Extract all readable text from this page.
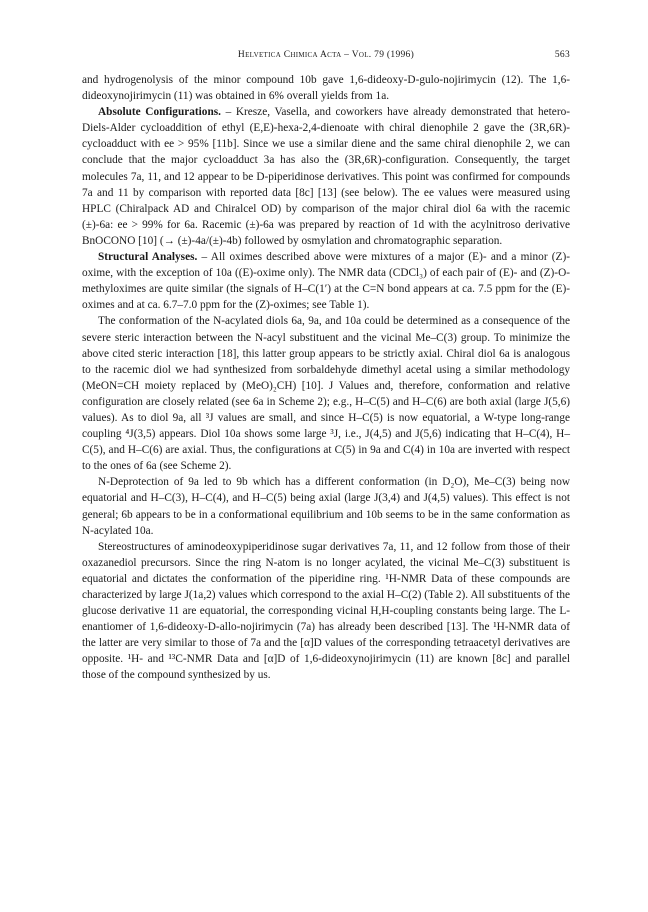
Helvetica Chimica Acta – Vol. 79 (1996)	563

and hydrogenolysis of the minor compound 10b gave 1,6-dideoxy-D-gulo-nojirimycin (12). The 1,6-dideoxynojirimycin (11) was obtained in 6% overall yields from 1a.

Absolute Configurations. – Kresze, Vasella, and coworkers have already demonstrated that hetero-Diels-Alder cycloaddition of ethyl (E,E)-hexa-2,4-dienoate with chiral dienophile 2 gave the (3R,6R)-cycloadduct with ee > 95% [11b]. Since we use a similar diene and the same chiral dienophile 2, we can conclude that the major cycloadduct 3a has also the (3R,6R)-configuration. Consequently, the target molecules 7a, 11, and 12 appear to be D-piperidinose derivatives. This point was confirmed for compounds 7a and 11 by comparison with reported data [8c] [13] (see below). The ee values were measured using HPLC (Chiralpack AD and Chiralcel OD) by comparison of the major chiral diol 6a with the racemic (±)-6a: ee > 99% for 6a. Racemic (±)-6a was prepared by reaction of 1d with the acylnitroso derivative BnOCONO [10] (→ (±)-4a/(±)-4b) followed by osmylation and chromatographic separation.

Structural Analyses. – All oximes described above were mixtures of a major (E)- and a minor (Z)-oxime, with the exception of 10a ((E)-oxime only). The NMR data (CDCl₃) of each pair of (E)- and (Z)-O-methyloximes are quite similar (the signals of H–C(1′) at the C=N bond appears at ca. 7.5 ppm for the (E)-oximes and at ca. 6.7–7.0 ppm for the (Z)-oximes; see Table 1).

The conformation of the N-acylated diols 6a, 9a, and 10a could be determined as a consequence of the severe steric interaction between the N-acyl substituent and the vicinal Me–C(3) group. To minimize the above cited steric interaction [18], this latter group appears to be strictly axial. Chiral diol 6a is analogous to the racemic diol we had synthesized from sorbaldehyde dimethyl acetal using a similar methodology (MeON=CH moiety replaced by (MeO)₂CH) [10]. J Values and, therefore, conformation and relative configuration are closely related (see 6a in Scheme 2); e.g., H–C(5) and H–C(6) are both axial (large J(5,6) values). As to diol 9a, all ³J values are small, and since H–C(5) is now equatorial, a W-type long-range coupling ⁴J(3,5) appears. Diol 10a shows some large ³J, i.e., J(4,5) and J(5,6) indicating that H–C(4), H–C(5), and H–C(6) are axial. Thus, the configurations at C(5) in 9a and C(4) in 10a are inverted with respect to the ones of 6a (see Scheme 2).

N-Deprotection of 9a led to 9b which has a different conformation (in D₂O), Me–C(3) being now equatorial and H–C(3), H–C(4), and H–C(5) being axial (large J(3,4) and J(4,5) values). This effect is not general; 6b appears to be in a conformational equilibrium and 10b seems to be in the same conformation as N-acylated 10a.

Stereostructures of aminodeoxypiperidinose sugar derivatives 7a, 11, and 12 follow from those of their oxazanediol precursors. Since the ring N-atom is no longer acylated, the vicinal Me–C(3) substituent is equatorial and dictates the conformation of the piperidine ring. ¹H-NMR Data of these compounds are characterized by large J(1a,2) values which correspond to the axial H–C(2) (Table 2). All substituents of the glucose derivative 11 are equatorial, the corresponding vicinal H,H-coupling constants being large. The L-enantiomer of 1,6-dideoxy-D-allo-nojirimycin (7a) has already been described [13]. The ¹H-NMR data of the latter are very similar to those of 7a and the [α]D values of the corresponding tetraacetyl derivatives are opposite. ¹H- and ¹³C-NMR Data and [α]D of 1,6-dideoxynojirimycin (11) are known [8c] and parallel those of the compound synthesized by us.
